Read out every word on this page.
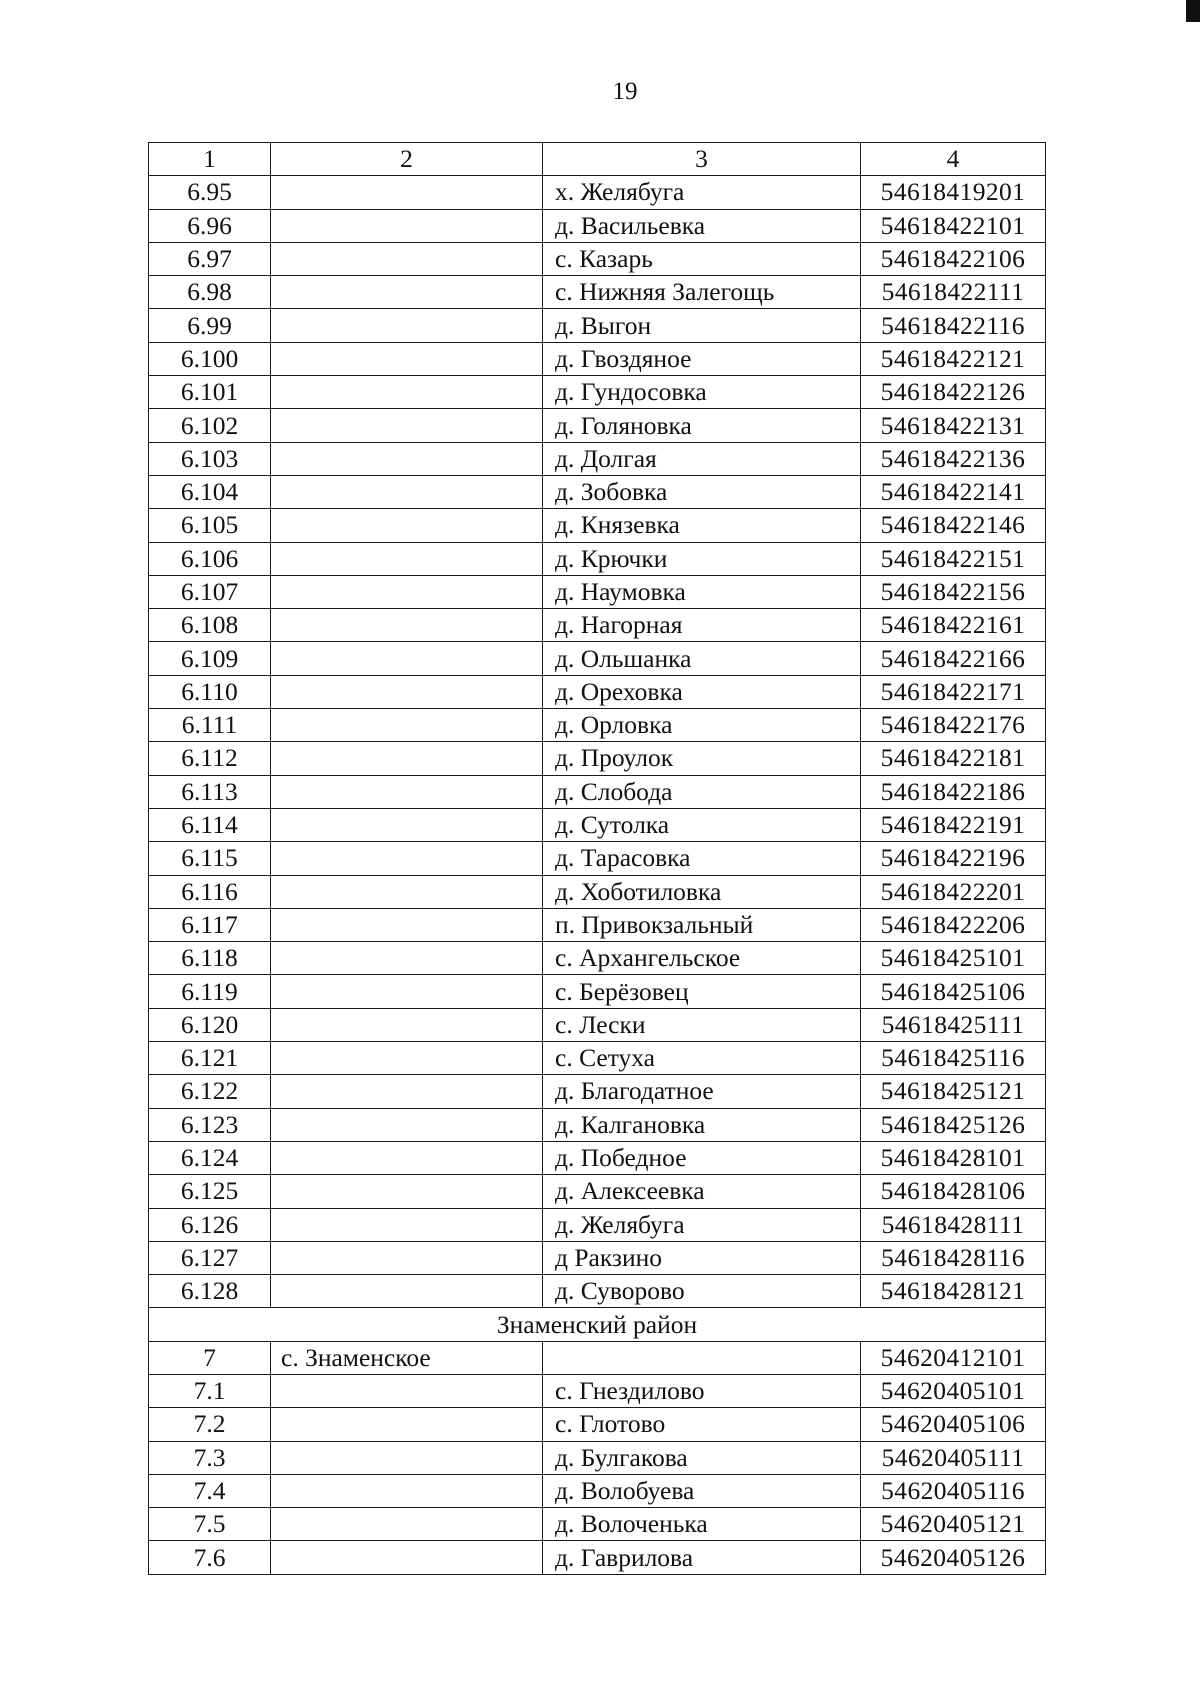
19
1	2	3	4
6.95		х. Желябуга	54618419201
6.96		д. Васильевка	54618422101
6.97		с. Казарь	54618422106
6.98		с. Нижняя Залегощь	54618422111
6.99		д. Выгон	54618422116
6.100		д. Гвоздяное	54618422121
6.101		д. Гундосовка	54618422126
6.102		д. Голяновка	54618422131
6.103		д. Долгая	54618422136
6.104		д. Зобовка	54618422141
6.105		д. Князевка	54618422146
6.106		д. Крючки	54618422151
6.107		д. Наумовка	54618422156
6.108		д. Нагорная	54618422161
6.109		д. Ольшанка	54618422166
6.110		д. Ореховка	54618422171
6.111		д. Орловка	54618422176
6.112		д. Проулок	54618422181
6.113		д. Слобода	54618422186
6.114		д. Сутолка	54618422191
6.115		д. Тарасовка	54618422196
6.116		д. Хоботиловка	54618422201
6.117		п. Привокзальный	54618422206
6.118		с. Архангельское	54618425101
6.119		с. Берёзовец	54618425106
6.120		с. Лески	54618425111
6.121		с. Сетуха	54618425116
6.122		д. Благодатное	54618425121
6.123		д. Калгановка	54618425126
6.124		д. Победное	54618428101
6.125		д. Алексеевка	54618428106
6.126		д. Желябуга	54618428111
6.127		д Ракзино	54618428116
6.128		д. Суворово	54618428121
Знаменский район			
7	с. Знаменское		54620412101
7.1		с. Гнездилово	54620405101
7.2		с. Глотово	54620405106
7.3		д. Булгакова	54620405111
7.4		д. Волобуева	54620405116
7.5		д. Волоченька	54620405121
7.6		д. Гаврилова	54620405126
